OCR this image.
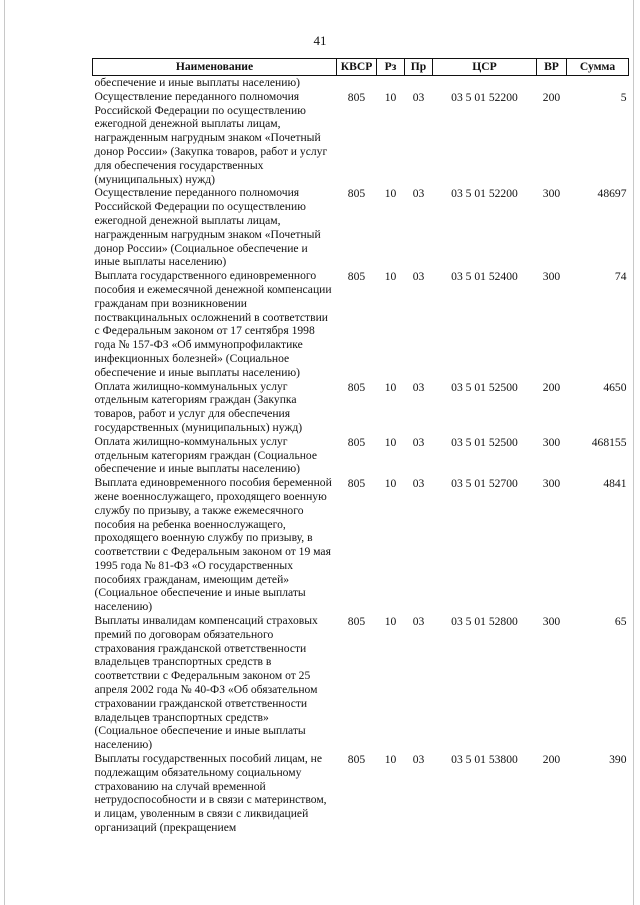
41
Наименование	КВСР	Рз	Пр	ЦСР	ВР	Сумма
обеспечение и иные выплаты населению)						
Осуществление переданного полномочия Российской Федерации по осуществлению ежегодной денежной выплаты лицам, награжденным нагрудным знаком «Почетный донор России» (Закупка товаров, работ и услуг для обеспечения государственных (муниципальных) нужд)	805	10	03	03 5 01 52200	200	5
Осуществление переданного полномочия Российской Федерации по осуществлению ежегодной денежной выплаты лицам, награжденным нагрудным знаком «Почетный донор России» (Социальное обеспечение и иные выплаты населению)	805	10	03	03 5 01 52200	300	48697
Выплата государственного единовременного пособия и ежемесячной денежной компенсации гражданам при возникновении поствакцинальных осложнений в соответствии с Федеральным законом от 17 сентября 1998 года № 157-ФЗ «Об иммунопрофилактике инфекционных болезней» (Социальное обеспечение и иные выплаты населению)	805	10	03	03 5 01 52400	300	74
Оплата жилищно-коммунальных услуг отдельным категориям граждан (Закупка товаров, работ и услуг для обеспечения государственных (муниципальных) нужд)	805	10	03	03 5 01 52500	200	4650
Оплата жилищно-коммунальных услуг отдельным категориям граждан (Социальное обеспечение и иные выплаты населению)	805	10	03	03 5 01 52500	300	468155
Выплата единовременного пособия беременной жене военнослужащего, проходящего военную службу по призыву, а также ежемесячного пособия на ребенка военнослужащего, проходящего военную службу по призыву, в соответствии с Федеральным законом от 19 мая 1995 года № 81-ФЗ «О государственных пособиях гражданам, имеющим детей» (Социальное обеспечение и иные выплаты населению)	805	10	03	03 5 01 52700	300	4841
Выплаты инвалидам компенсаций страховых премий по договорам обязательного страхования гражданской ответственности владельцев транспортных средств в соответствии с Федеральным законом от 25 апреля 2002 года № 40-ФЗ «Об обязательном страховании гражданской ответственности владельцев транспортных средств» (Социальное обеспечение и иные выплаты населению)	805	10	03	03 5 01 52800	300	65
Выплаты государственных пособий лицам, не подлежащим обязательному социальному страхованию на случай временной нетрудоспособности и в связи с материнством, и лицам, уволенным в связи с ликвидацией организаций (прекращением	805	10	03	03 5 01 53800	200	390
